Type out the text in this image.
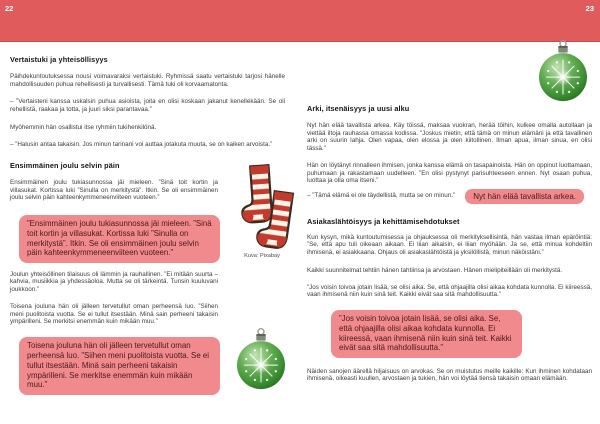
22	23
Vertaistuki ja yhteisöllisyys

Päihdekuntoutuksessa nousi voimavaraksi vertaistuki. Ryhmissä saatu vertaistuki tarjosi hänelle mahdollisuuden puhua rehellisesti ja turvallisesti. Tämä tuki oli korvaamatonta.

– ”Vertaisteni kanssa uskalsin puhua asioista, joita en olisi koskaan jakanut kenellekään. Se oli rehellistä, raakaa ja totta, ja juuri siksi parantavaa.”

Myöhemmin hän osallistui itse ryhmiin tukihenkilönä.

– ”Halusin antaa takaisin. Jos minun tarinani voi auttaa jotakuta muuta, se on kaiken arvoista.”

Ensimmäinen joulu selvin päin

Ensimmäinen joulu tukiasunnossa jäi mieleen. ”Sinä toit kortin ja villasukat. Kortissa luki ”Sinulla on merkitystä”. Itkin. Se oli ensimmäinen joulu selvin päin kahteenkymmeneenviiteen vuoteen.”

”Ensimmäinen joulu tukiasunnossa jäi mieleen. ”Sinä toit kortin ja villasukat. Kortissa luki ”Sinulla on merkitystä”. Itkin. Se oli ensimmäinen joulu selvin päin kahteenkymmeneenviiteen vuoteen.”

Joulun yhteisöllinen tilaisuus oli lämmin ja rauhallinen. ”Ei mitään suurta – kahvia, musiikkia ja yhdessäoloa. Mutta se oli tärkeintä. Tunsin kuuluvani joukkoon.”

Toisena jouluna hän oli jälleen tervetullut oman perheensä luo. ”Siihen meni puolitoista vuotta. Se ei tullut itsestään. Minä sain perheeni takaisin ympärilleni. Se merkitsi enemmän kuin mikään muu.”

Toisena jouluna hän oli jälleen tervetullut oman perheensä luo. ”Siihen meni puolitoista vuotta. Se ei tullut itsestään. Minä sain perheeni takaisin ympärilleni. Se merkitse enemmän kuin mikään muu.”
Arki, itsenäisyys ja uusi alku

Nyt hän elää tavallista arkea. Käy töissä, maksaa vuokran, herää töihin, kulkee omalla autollaan ja viettää iltoja rauhassa omassa kodissa. ”Joskus mietin, että tämä on minun elämäni ja että tavallinen arki on suurin lahja. Olen vapaa, olen elossa ja olen kiitollinen. Ilman apua, ilman sinua, en olisi tässä.”

Hän on löytänyt rinnalleen ihmisen, jonka kanssa elämä on tasapainoista. Hän on oppinut luottamaan, puhumaan ja rakastamaan uudelleen. ”En olisi pystynyt parisuhteeseen ennen. Nyt osaan puhua, luottaa ja olla oma itseni.”

– ”Tämä elämä ei ole täydellistä, mutta se on minun.”	Nyt hän elää tavallista arkea.
Asiakaslähtöisyys ja kehittämisehdotukset

Kun kysyn, mikä kuntoutumisessa ja ohjauksessa oli merkityksellisintä, hän vastaa ilman epäröintiä: ”Se, että apu tuli oikeaan aikaan. Ei liian aikaisin, ei liian myöhään. Ja se, että minua kohdeltiin ihmisenä, ei asiakkaana. Ohjaus oli asiakaslähtöistä ja yksilöllistä, minun näköistäni.”

Kaikki suunnitelmat tehtiin hänen tahtiinsa ja arvostaen. Hänen mielipiteillään oli merkitystä.

”Jos voisin toivoa jotain lisää, se olisi aika. Se, että ohjaajilla olisi aikaa kohdata kunnolla. Ei kiireessä, vaan ihmisenä niin kuin sinä teit. Kaikki eivät saa sitä mahdollisuutta.”

”Jos voisin toivoa jotain lisää, se olisi aika. Se, että ohjaajilla olisi aikaa kohdata kunnolla. Ei kiireessä, vaan ihmisenä niin kuin sinä teit. Kaikki eivät saa sitä mahdollisuutta.”

Näiden sanojen äärellä hiljaisuus on arvokas. Se on muistutus meille kaikille: Kun ihminen kohdataan ihmisenä, oikeasti kuullen, arvostaen ja tukien, hän voi löytää tiensä takaisin omaan elämään.

Kuva: Pixabay
